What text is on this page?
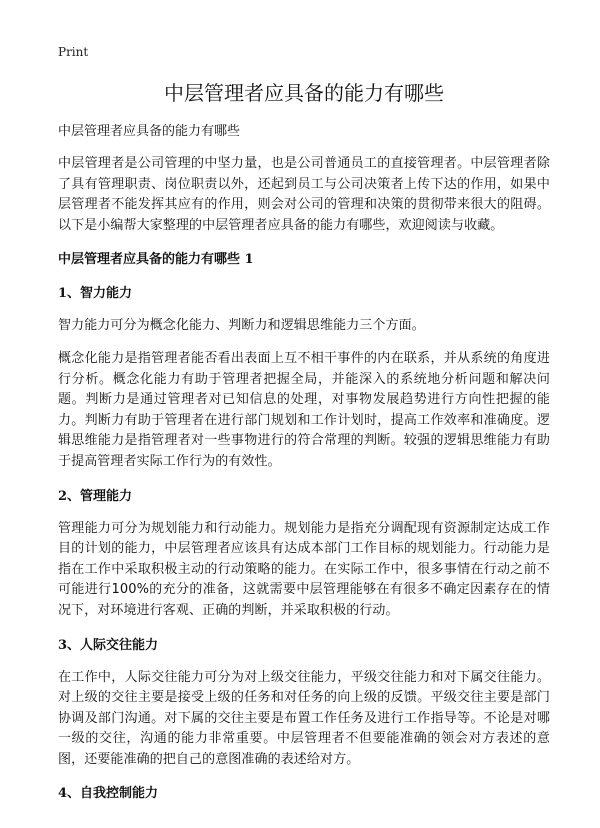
Print
中层管理者应具备的能力有哪些

中层管理者应具备的能力有哪些

中层管理者是公司管理的中坚力量，也是公司普通员工的直接管理者。中层管理者除了具有管理职责、岗位职责以外，还起到员工与公司决策者上传下达的作用，如果中层管理者不能发挥其应有的作用，则会对公司的管理和决策的贯彻带来很大的阻碍。以下是小编帮大家整理的中层管理者应具备的能力有哪些，欢迎阅读与收藏。

中层管理者应具备的能力有哪些 1
1、智力能力

智力能力可分为概念化能力、判断力和逻辑思维能力三个方面。

概念化能力是指管理者能否看出表面上互不相干事件的内在联系，并从系统的角度进行分析。概念化能力有助于管理者把握全局，并能深入的系统地分析问题和解决问题。判断力是通过管理者对已知信息的处理，对事物发展趋势进行方向性把握的能力。判断力有助于管理者在进行部门规划和工作计划时，提高工作效率和准确度。逻辑思维能力是指管理者对一些事物进行的符合常理的判断。较强的逻辑思维能力有助于提高管理者实际工作行为的有效性。

2、管理能力

管理能力可分为规划能力和行动能力。规划能力是指充分调配现有资源制定达成工作目的计划的能力，中层管理者应该具有达成本部门工作目标的规划能力。行动能力是指在工作中采取积极主动的行动策略的能力。在实际工作中，很多事情在行动之前不可能进行100%的充分的准备，这就需要中层管理能够在有很多不确定因素存在的情况下，对环境进行客观、正确的判断，并采取积极的行动。

3、人际交往能力

在工作中，人际交往能力可分为对上级交往能力，平级交往能力和对下属交往能力。对上级的交往主要是接受上级的任务和对任务的向上级的反馈。平级交往主要是部门协调及部门沟通。对下属的交往主要是布置工作任务及进行工作指导等。不论是对哪一级的交往，沟通的能力非常重要。中层管理者不但要能准确的领会对方表述的意图，还要能准确的把自己的意图准确的表述给对方。

4、自我控制能力
